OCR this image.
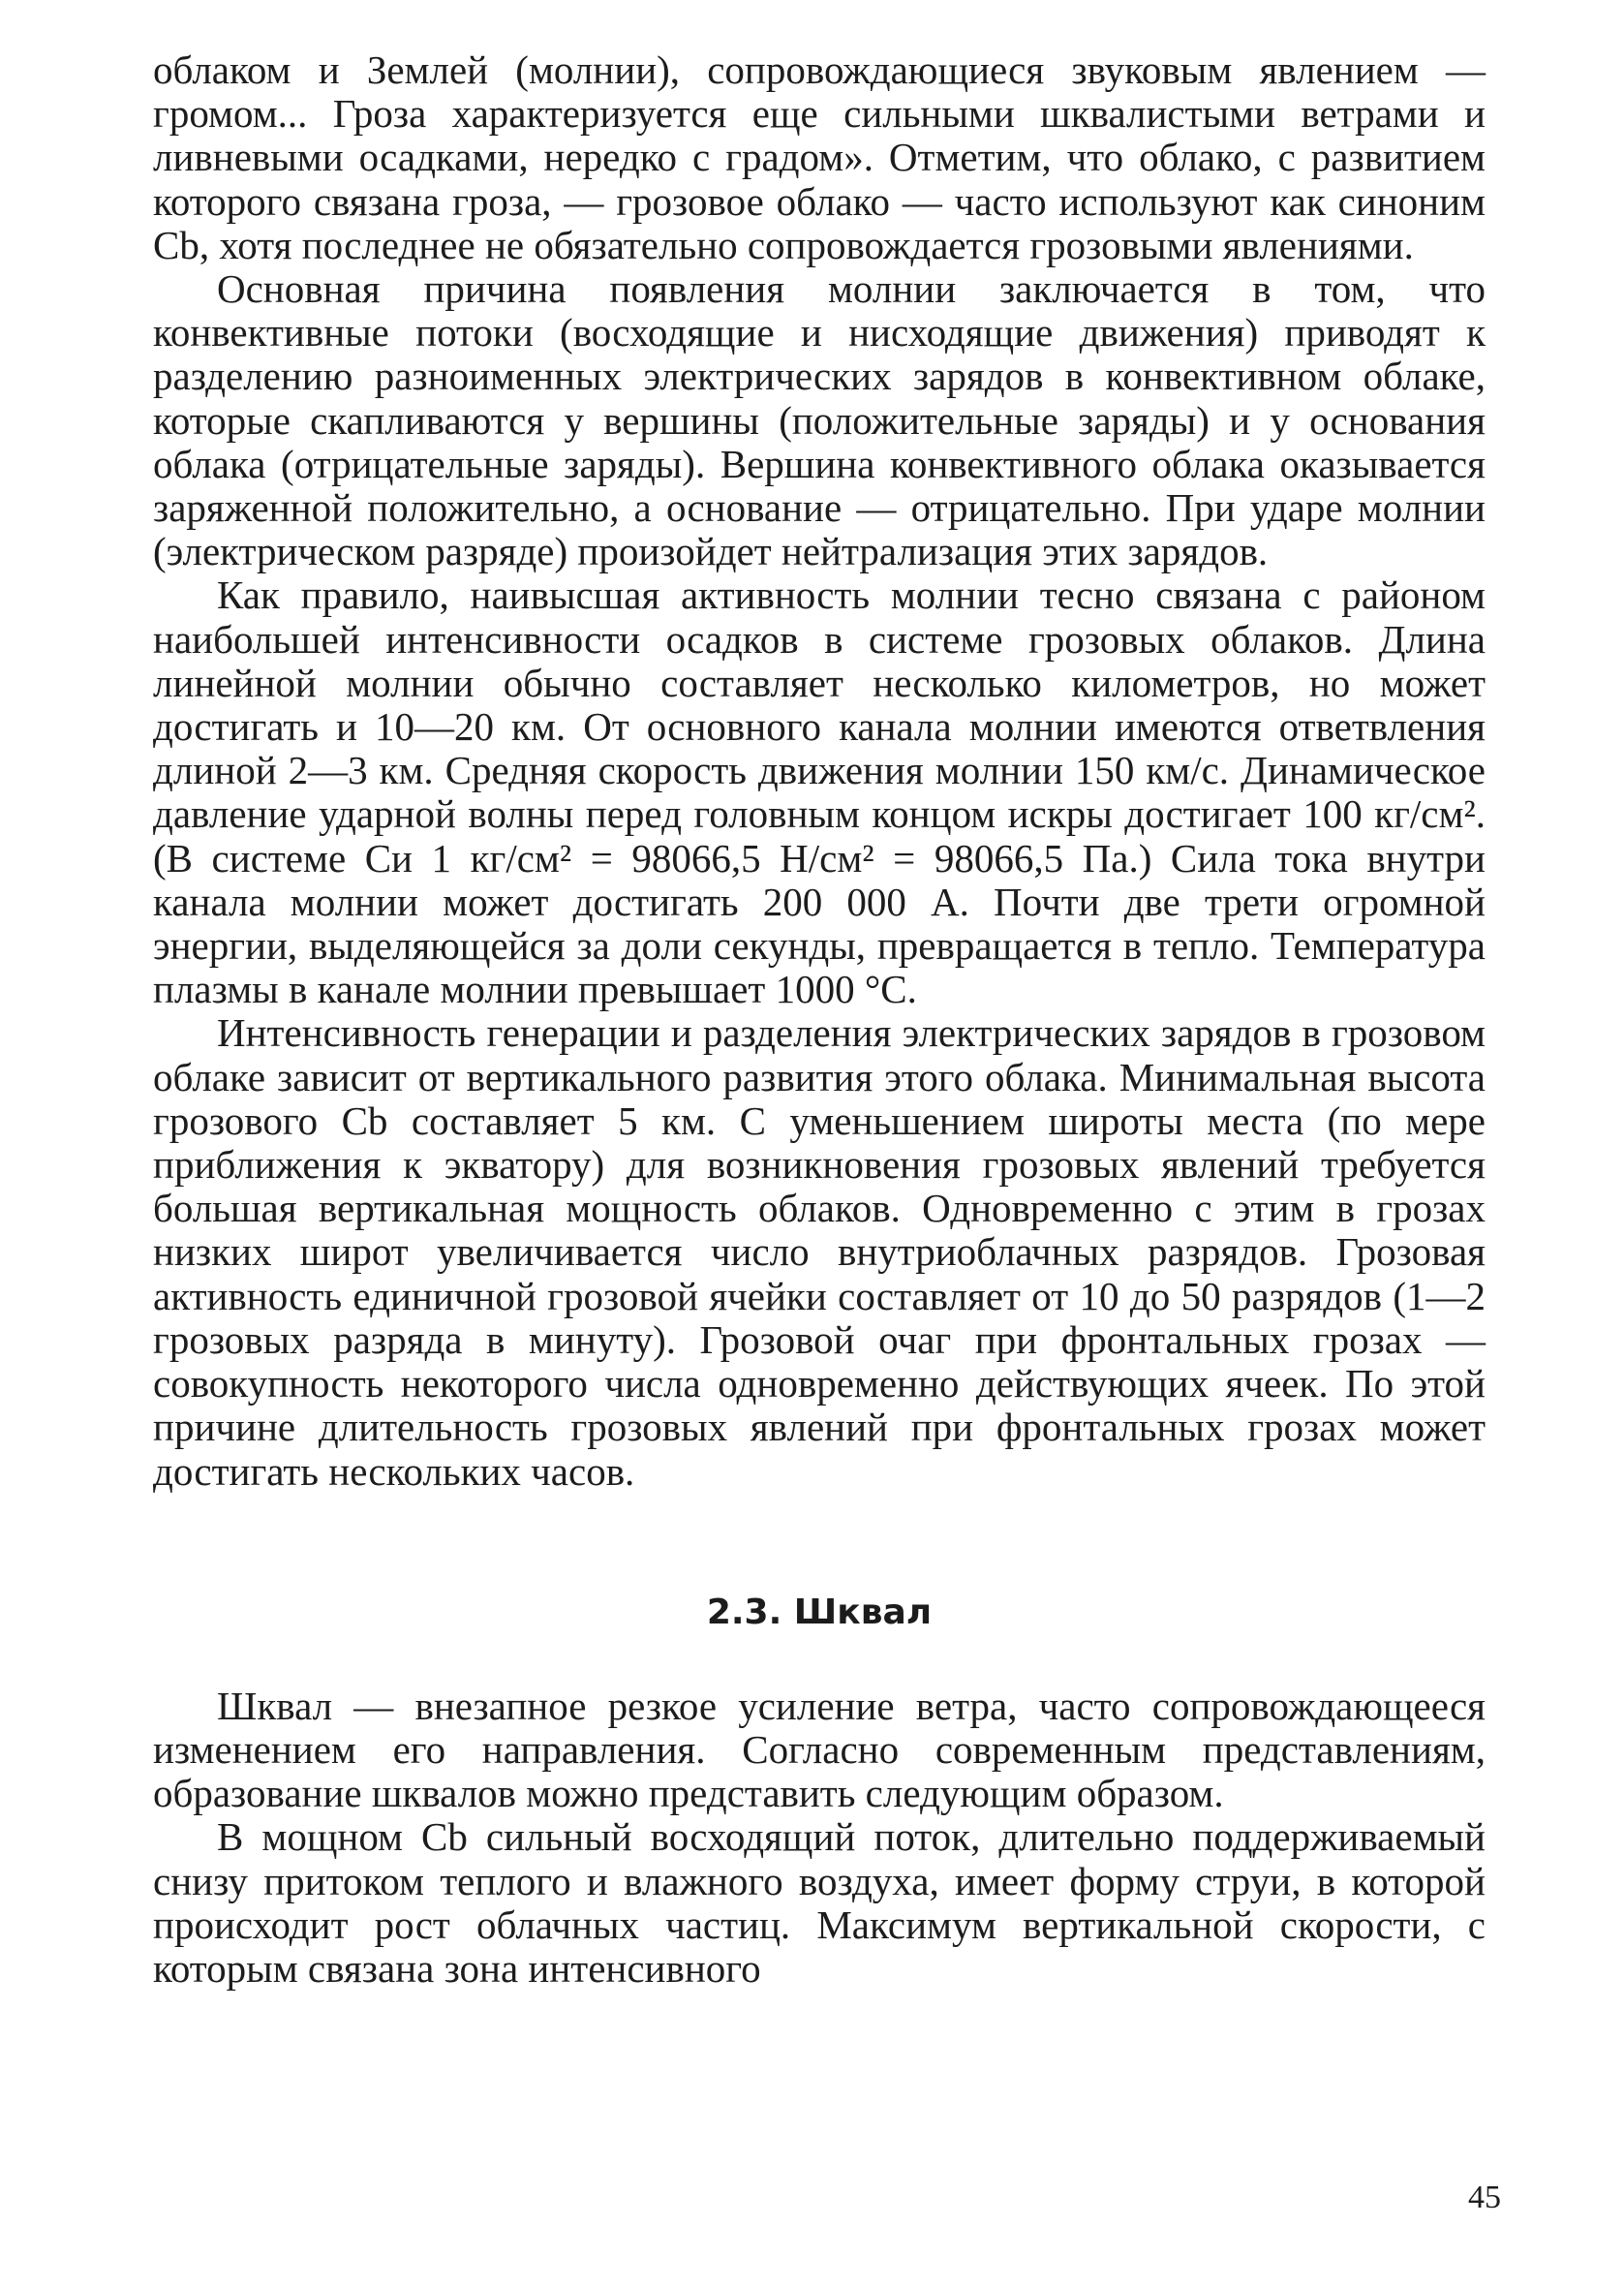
облаком и Землей (молнии), сопровождающиеся звуковым явлением — громом... Гроза характеризуется еще сильными шквалистыми ветрами и ливневыми осадками, нередко с градом». Отметим, что облако, с развитием которого связана гроза, — грозовое облако — часто используют как синоним Cb, хотя последнее не обязательно сопровождается грозовыми явлениями.

Основная причина появления молнии заключается в том, что конвективные потоки (восходящие и нисходящие движения) приводят к разделению разноименных электрических зарядов в конвективном облаке, которые скапливаются у вершины (положительные заряды) и у основания облака (отрицательные заряды). Вершина конвективного облака оказывается заряженной положительно, а основание — отрицательно. При ударе молнии (электрическом разряде) произойдет нейтрализация этих зарядов.

Как правило, наивысшая активность молнии тесно связана с районом наибольшей интенсивности осадков в системе грозовых облаков. Длина линейной молнии обычно составляет несколько километров, но может достигать и 10—20 км. От основного канала молнии имеются ответвления длиной 2—3 км. Средняя скорость движения молнии 150 км/с. Динамическое давление ударной волны перед головным концом искры достигает 100 кг/см². (В системе Си 1 кг/см² = 98066,5 Н/см² = 98066,5 Па.) Сила тока внутри канала молнии может достигать 200 000 А. Почти две трети огромной энергии, выделяющейся за доли секунды, превращается в тепло. Температура плазмы в канале молнии превышает 1000 °С.

Интенсивность генерации и разделения электрических зарядов в грозовом облаке зависит от вертикального развития этого облака. Минимальная высота грозового Cb составляет 5 км. С уменьшением широты места (по мере приближения к экватору) для возникновения грозовых явлений требуется большая вертикальная мощность облаков. Одновременно с этим в грозах низких широт увеличивается число внутриоблачных разрядов. Грозовая активность единичной грозовой ячейки составляет от 10 до 50 разрядов (1—2 грозовых разряда в минуту). Грозовой очаг при фронтальных грозах — совокупность некоторого числа одновременно действующих ячеек. По этой причине длительность грозовых явлений при фронтальных грозах может достигать нескольких часов.

2.3. Шквал

Шквал — внезапное резкое усиление ветра, часто сопровождающееся изменением его направления. Согласно современным представлениям, образование шквалов можно представить следующим образом.

В мощном Cb сильный восходящий поток, длительно поддерживаемый снизу притоком теплого и влажного воздуха, имеет форму струи, в которой происходит рост облачных частиц. Максимум вертикальной скорости, с которым связана зона интенсивного

45
